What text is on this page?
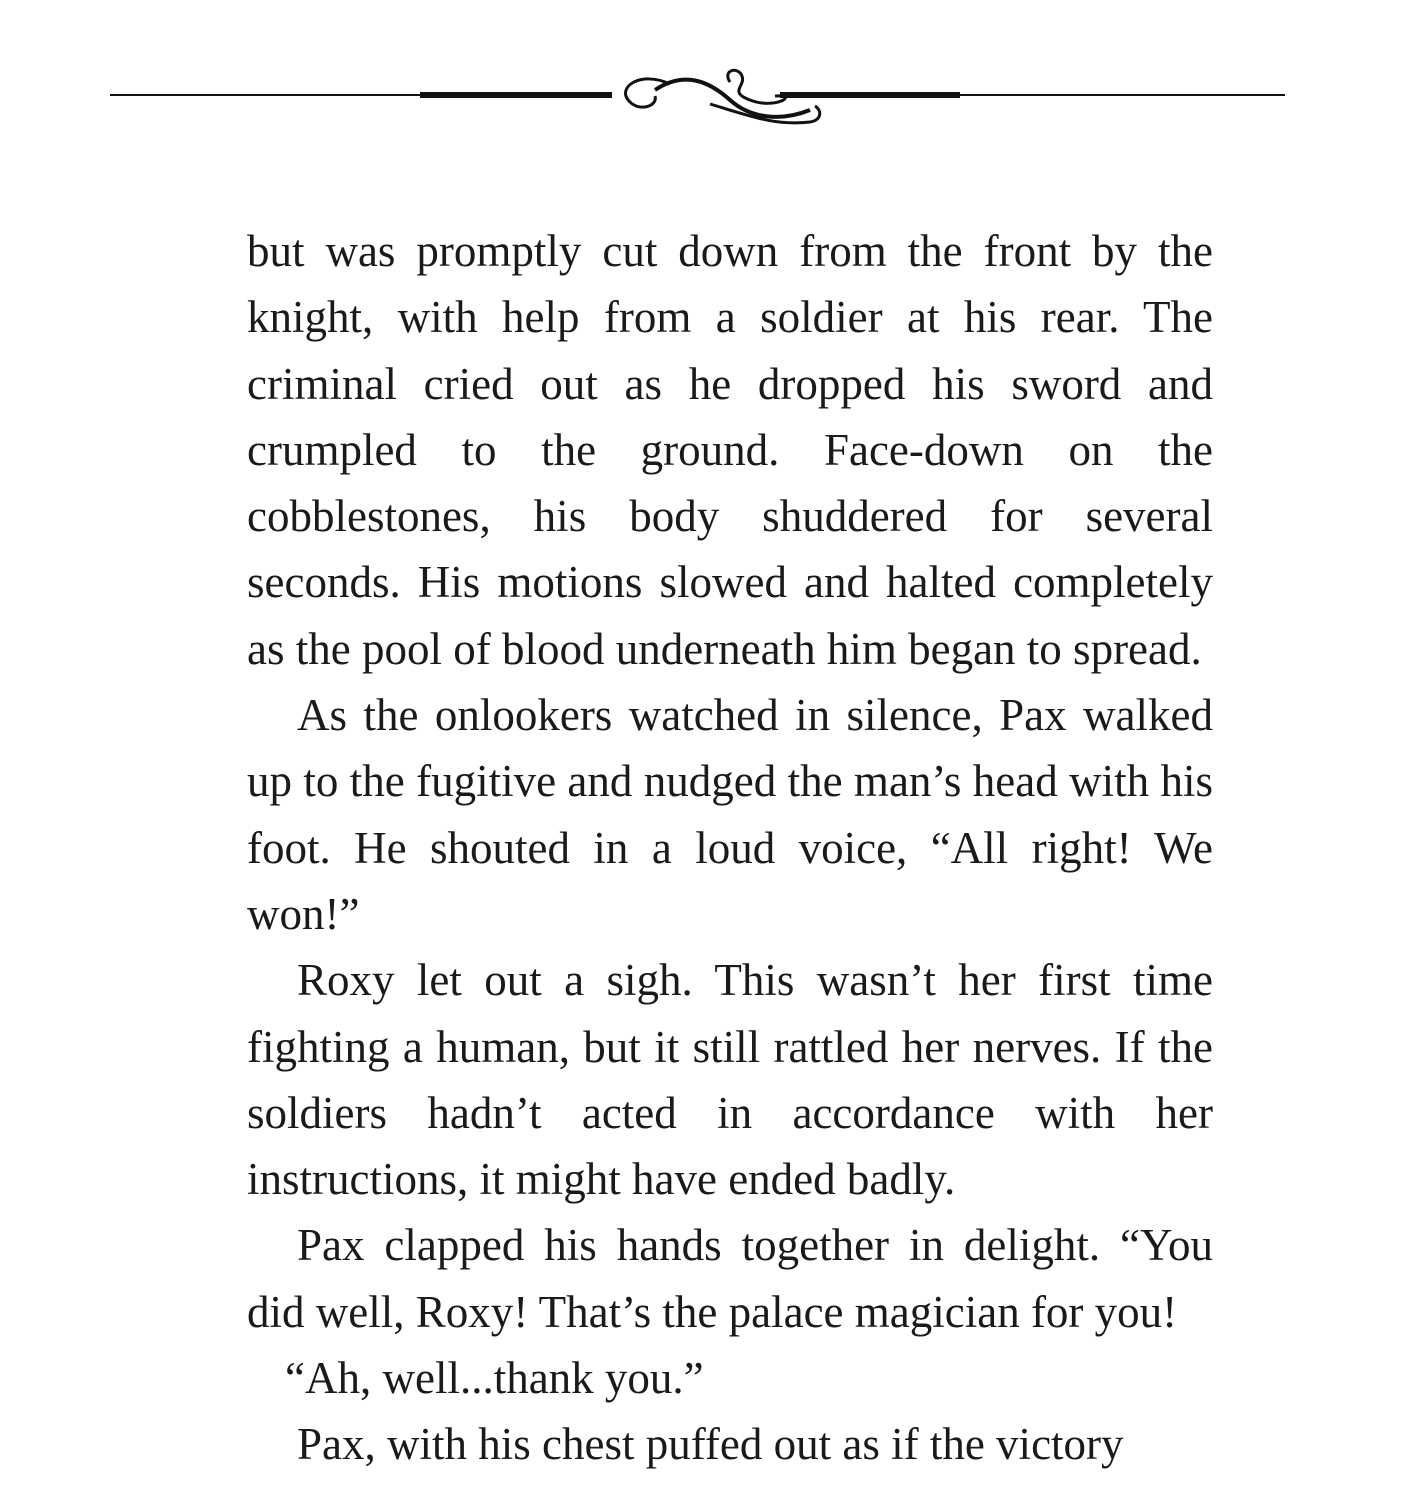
but was promptly cut down from the front by the knight, with help from a soldier at his rear. The criminal cried out as he dropped his sword and crumpled to the ground. Face-down on the cobblestones, his body shuddered for several seconds. His motions slowed and halted completely as the pool of blood underneath him began to spread.

As the onlookers watched in silence, Pax walked up to the fugitive and nudged the man’s head with his foot. He shouted in a loud voice, “All right! We won!”

Roxy let out a sigh. This wasn’t her first time fighting a human, but it still rattled her nerves. If the soldiers hadn’t acted in accordance with her instructions, it might have ended badly.

Pax clapped his hands together in delight. “You did well, Roxy! That’s the palace magician for you!

“Ah, well...thank you.”

Pax, with his chest puffed out as if the victory
